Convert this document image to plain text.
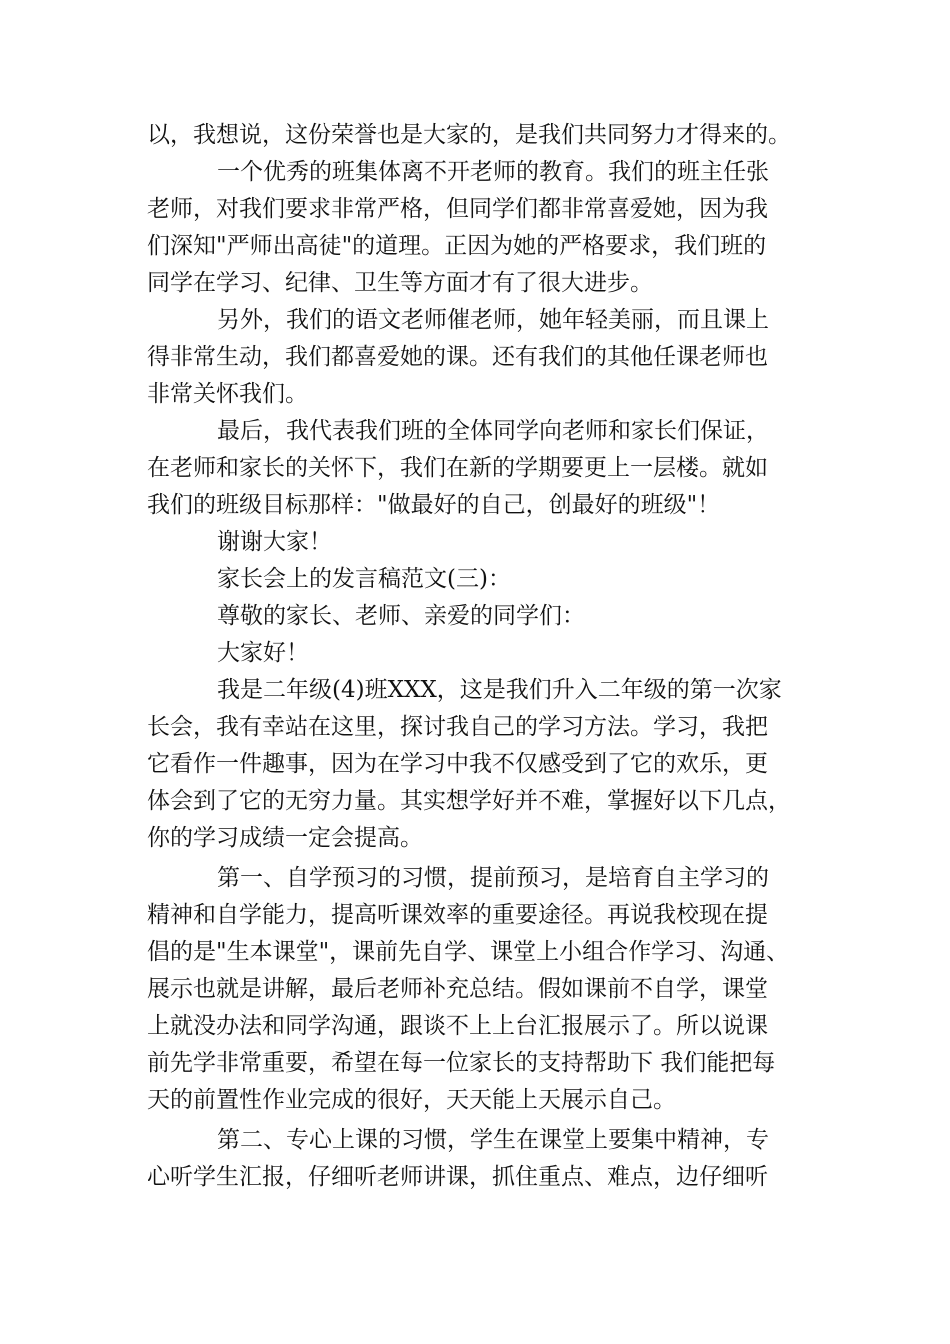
以，我想说，这份荣誉也是大家的，是我们共同努力才得来的。
一个优秀的班集体离不开老师的教育。我们的班主任张
老师，对我们要求非常严格，但同学们都非常喜爱她，因为我
们深知"严师出高徒"的道理。正因为她的严格要求，我们班的
同学在学习、纪律、卫生等方面才有了很大进步。
另外，我们的语文老师催老师，她年轻美丽，而且课上
得非常生动，我们都喜爱她的课。还有我们的其他任课老师也
非常关怀我们。
最后，我代表我们班的全体同学向老师和家长们保证，
在老师和家长的关怀下，我们在新的学期要更上一层楼。就如
我们的班级目标那样："做最好的自己，创最好的班级"！
谢谢大家！
家长会上的发言稿范文(三)：
尊敬的家长、老师、亲爱的同学们：
大家好！
我是二年级(4)班XXX，这是我们升入二年级的第一次家
长会，我有幸站在这里，探讨我自己的学习方法。学习，我把
它看作一件趣事，因为在学习中我不仅感受到了它的欢乐，更
体会到了它的无穷力量。其实想学好并不难，掌握好以下几点，
你的学习成绩一定会提高。
第一、自学预习的习惯，提前预习，是培育自主学习的
精神和自学能力，提高听课效率的重要途径。再说我校现在提
倡的是"生本课堂"，课前先自学、课堂上小组合作学习、沟通、
展示也就是讲解，最后老师补充总结。假如课前不自学，课堂
上就没办法和同学沟通，跟谈不上上台汇报展示了。所以说课
前先学非常重要，希望在每一位家长的支持帮助下 我们能把每
天的前置性作业完成的很好，天天能上天展示自己。
第二、专心上课的习惯，学生在课堂上要集中精神，专
心听学生汇报，仔细听老师讲课，抓住重点、难点，边仔细听
